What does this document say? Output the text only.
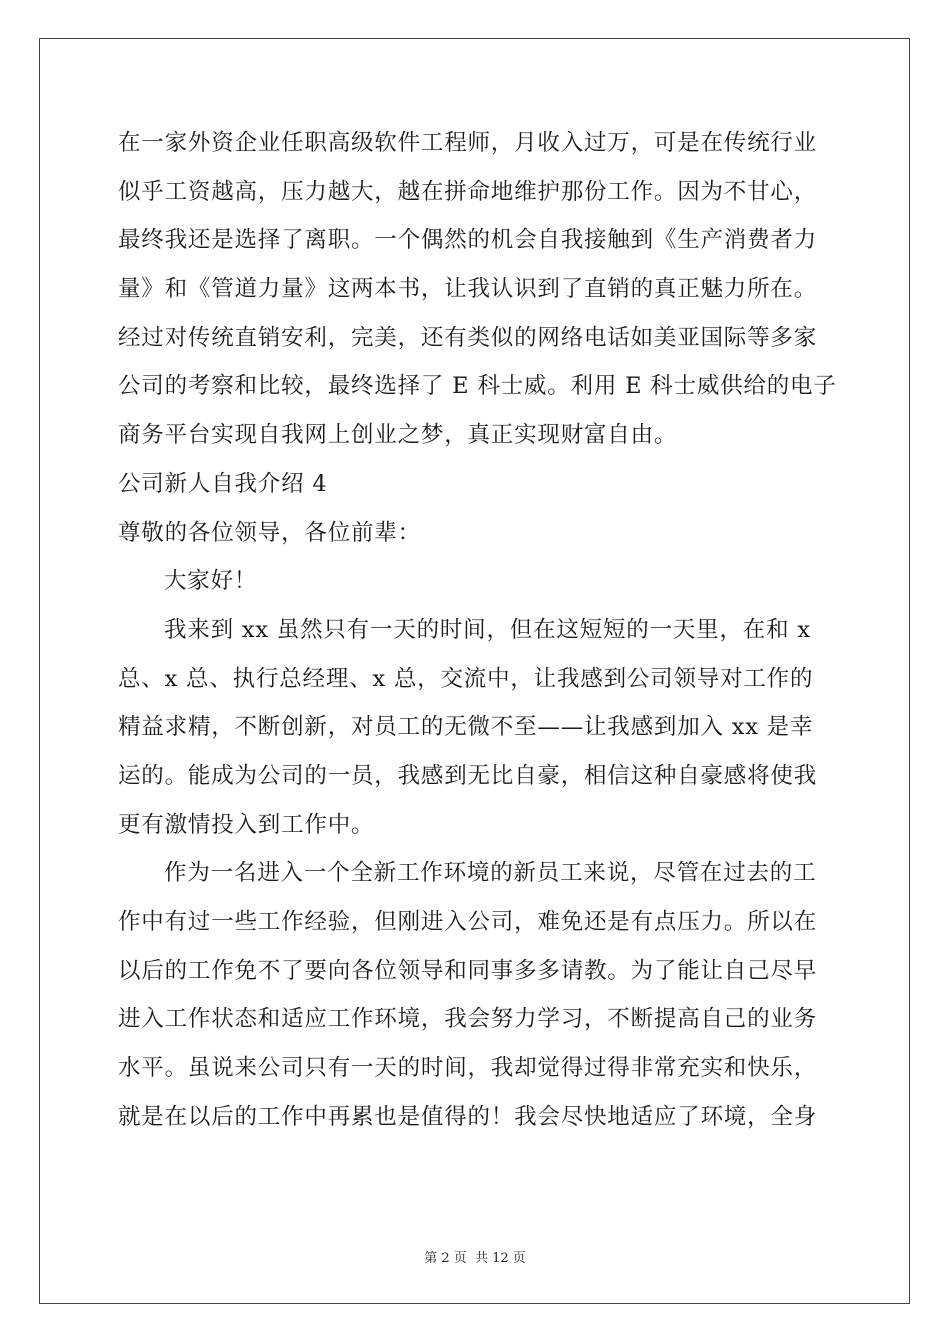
在一家外资企业任职高级软件工程师，月收入过万，可是在传统行业

似乎工资越高，压力越大，越在拼命地维护那份工作。因为不甘心，

最终我还是选择了离职。一个偶然的机会自我接触到《生产消费者力

量》和《管道力量》这两本书，让我认识到了直销的真正魅力所在。

经过对传统直销安利，完美，还有类似的网络电话如美亚国际等多家

公司的考察和比较，最终选择了 E 科士威。利用 E 科士威供给的电子

商务平台实现自我网上创业之梦，真正实现财富自由。

公司新人自我介绍 4

尊敬的各位领导，各位前辈：

大家好！

我来到 xx 虽然只有一天的时间，但在这短短的一天里，在和 x

总、x 总、执行总经理、x 总，交流中，让我感到公司领导对工作的

精益求精，不断创新，对员工的无微不至——让我感到加入 xx 是幸

运的。能成为公司的一员，我感到无比自豪，相信这种自豪感将使我

更有激情投入到工作中。

作为一名进入一个全新工作环境的新员工来说，尽管在过去的工

作中有过一些工作经验，但刚进入公司，难免还是有点压力。所以在

以后的工作免不了要向各位领导和同事多多请教。为了能让自己尽早

进入工作状态和适应工作环境，我会努力学习，不断提高自己的业务

水平。虽说来公司只有一天的时间，我却觉得过得非常充实和快乐，

就是在以后的工作中再累也是值得的！我会尽快地适应了环境，全身

第 2 页 共 12 页
